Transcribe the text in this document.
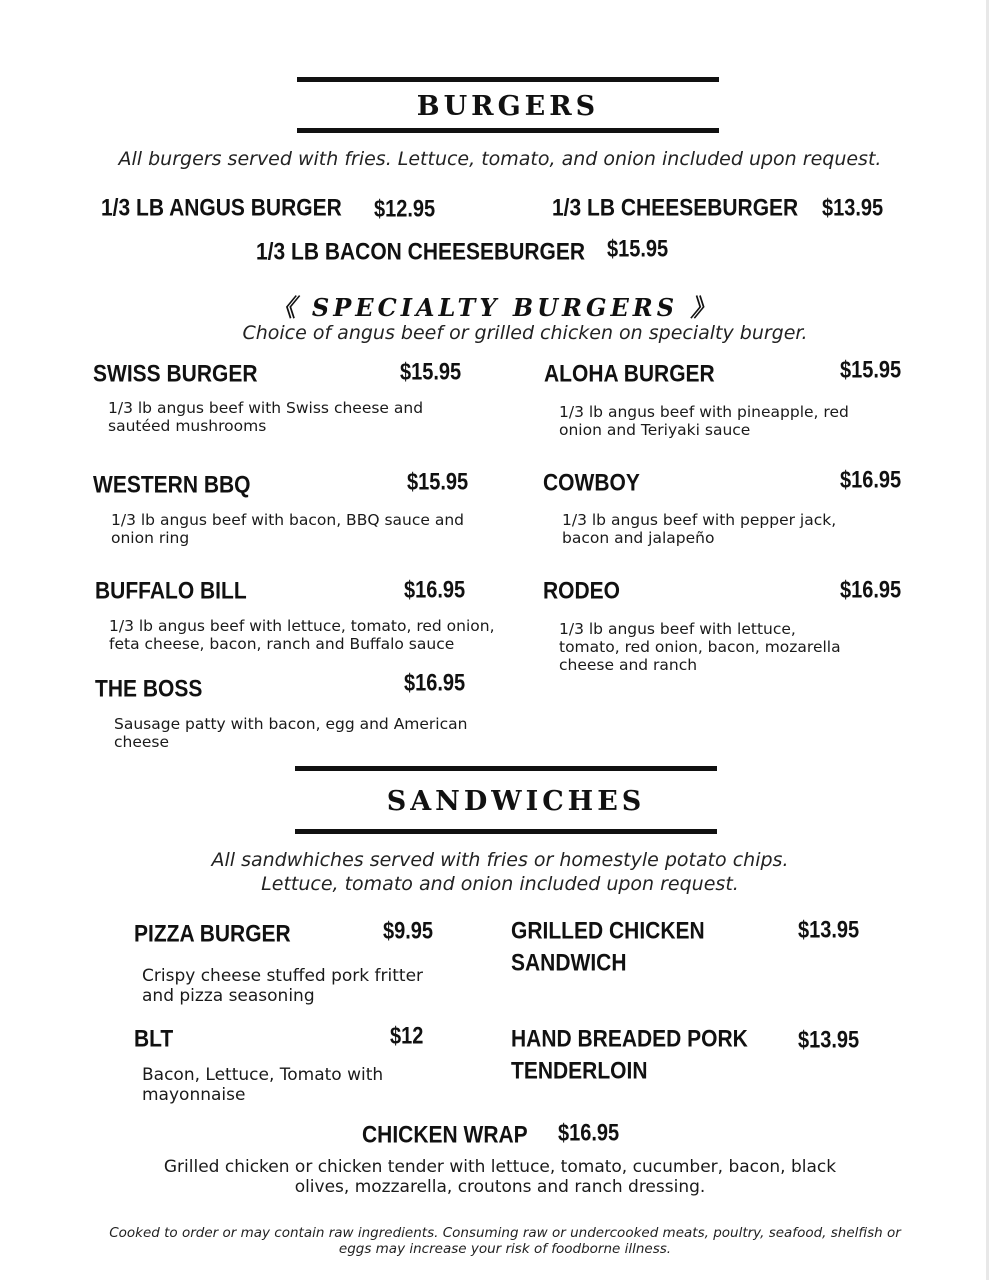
BURGERS
All burgers served with fries. Lettuce, tomato, and onion included upon request.
1/3 LB ANGUS BURGER $12.95	1/3 LB CHEESEBURGER $13.95
1/3 LB BACON CHEESEBURGER $15.95
《 SPECIALTY BURGERS 》
Choice of angus beef or grilled chicken on specialty burger.
SWISS BURGER	$15.95
1/3 lb angus beef with Swiss cheese and sautéed mushrooms
ALOHA BURGER	$15.95
1/3 lb angus beef with pineapple, red onion and Teriyaki sauce
WESTERN BBQ	$15.95
1/3 lb angus beef with bacon, BBQ sauce and onion ring
COWBOY	$16.95
1/3 lb angus beef with pepper jack, bacon and jalapeño
BUFFALO BILL	$16.95
1/3 lb angus beef with lettuce, tomato, red onion, feta cheese, bacon, ranch and Buffalo sauce
RODEO	$16.95
1/3 lb angus beef with lettuce, tomato, red onion, bacon, mozarella cheese and ranch
THE BOSS	$16.95
Sausage patty with bacon, egg and American cheese
SANDWICHES
All sandwhiches served with fries or homestyle potato chips.
Lettuce, tomato and onion included upon request.
PIZZA BURGER	$9.95
Crispy cheese stuffed pork fritter and pizza seasoning
GRILLED CHICKEN
SANDWICH
$13.95
BLT	$12
Bacon, Lettuce, Tomato with mayonnaise
HAND BREADED PORK
TENDERLOIN
$13.95
CHICKEN WRAP $16.95
Grilled chicken or chicken tender with lettuce, tomato, cucumber, bacon, black
olives, mozzarella, croutons and ranch dressing.
Cooked to order or may contain raw ingredients. Consuming raw or undercooked meats, poultry, seafood, shelfish or
eggs may increase your risk of foodborne illness.
